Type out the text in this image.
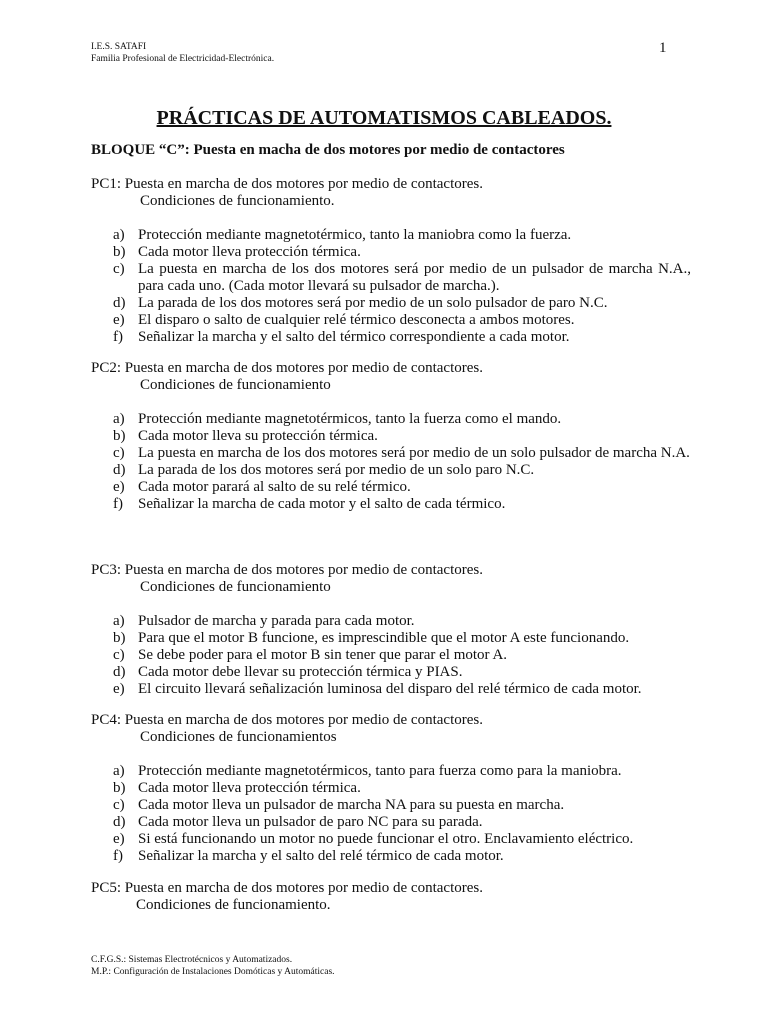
I.E.S. SATAFI
Familia Profesional de Electricidad-Electrónica.
1
PRÁCTICAS DE AUTOMATISMOS CABLEADOS.
BLOQUE “C”: Puesta en macha de dos motores por medio de contactores

PC1: Puesta en marcha de dos motores por medio de contactores.

Condiciones de funcionamiento.

a) Protección mediante magnetotérmico, tanto la maniobra como la fuerza.
b) Cada motor lleva protección térmica.
c) La puesta en marcha de los dos motores será por medio de un pulsador de marcha N.A., para cada uno. (Cada motor llevará su pulsador de marcha.).
d) La parada de los dos motores será por medio de un solo pulsador de paro N.C.
e) El disparo o salto de cualquier relé térmico desconecta a ambos motores.
f) Señalizar la marcha y el salto del térmico correspondiente a cada motor.

PC2: Puesta en marcha de dos motores por medio de contactores.

Condiciones de funcionamiento

a) Protección mediante magnetotérmicos, tanto la fuerza como el mando.
b) Cada motor lleva su protección térmica.
c) La puesta en marcha de los dos motores será por medio de un solo pulsador de marcha N.A.
d) La parada de los dos motores será por medio de un solo paro N.C.
e) Cada motor parará al salto de su relé térmico.
f) Señalizar la marcha de cada motor y el salto de cada térmico.

PC3: Puesta en marcha de dos motores por medio de contactores.

Condiciones de funcionamiento

a) Pulsador de marcha y parada para cada motor.
b) Para que el motor B funcione, es imprescindible que el motor A este funcionando.
c) Se debe poder para el motor B sin tener que parar el motor A.
d) Cada motor debe llevar su protección térmica y PIAS.
e) El circuito llevará señalización luminosa del disparo del relé térmico de cada motor.

PC4: Puesta en marcha de dos motores por medio de contactores.

Condiciones de funcionamientos

a) Protección mediante magnetotérmicos, tanto para fuerza como para la maniobra.
b) Cada motor lleva protección térmica.
c) Cada motor lleva un pulsador de marcha NA para su puesta en marcha.
d) Cada motor lleva un pulsador de paro NC para su parada.
e) Si está funcionando un motor no puede funcionar el otro. Enclavamiento eléctrico.
f) Señalizar la marcha y el salto del relé térmico de cada motor.

PC5: Puesta en marcha de dos motores por medio de contactores.

Condiciones de funcionamiento.

C.F.G.S.: Sistemas Electrotécnicos y Automatizados.
M.P.: Configuración de Instalaciones Domóticas y Automáticas.
